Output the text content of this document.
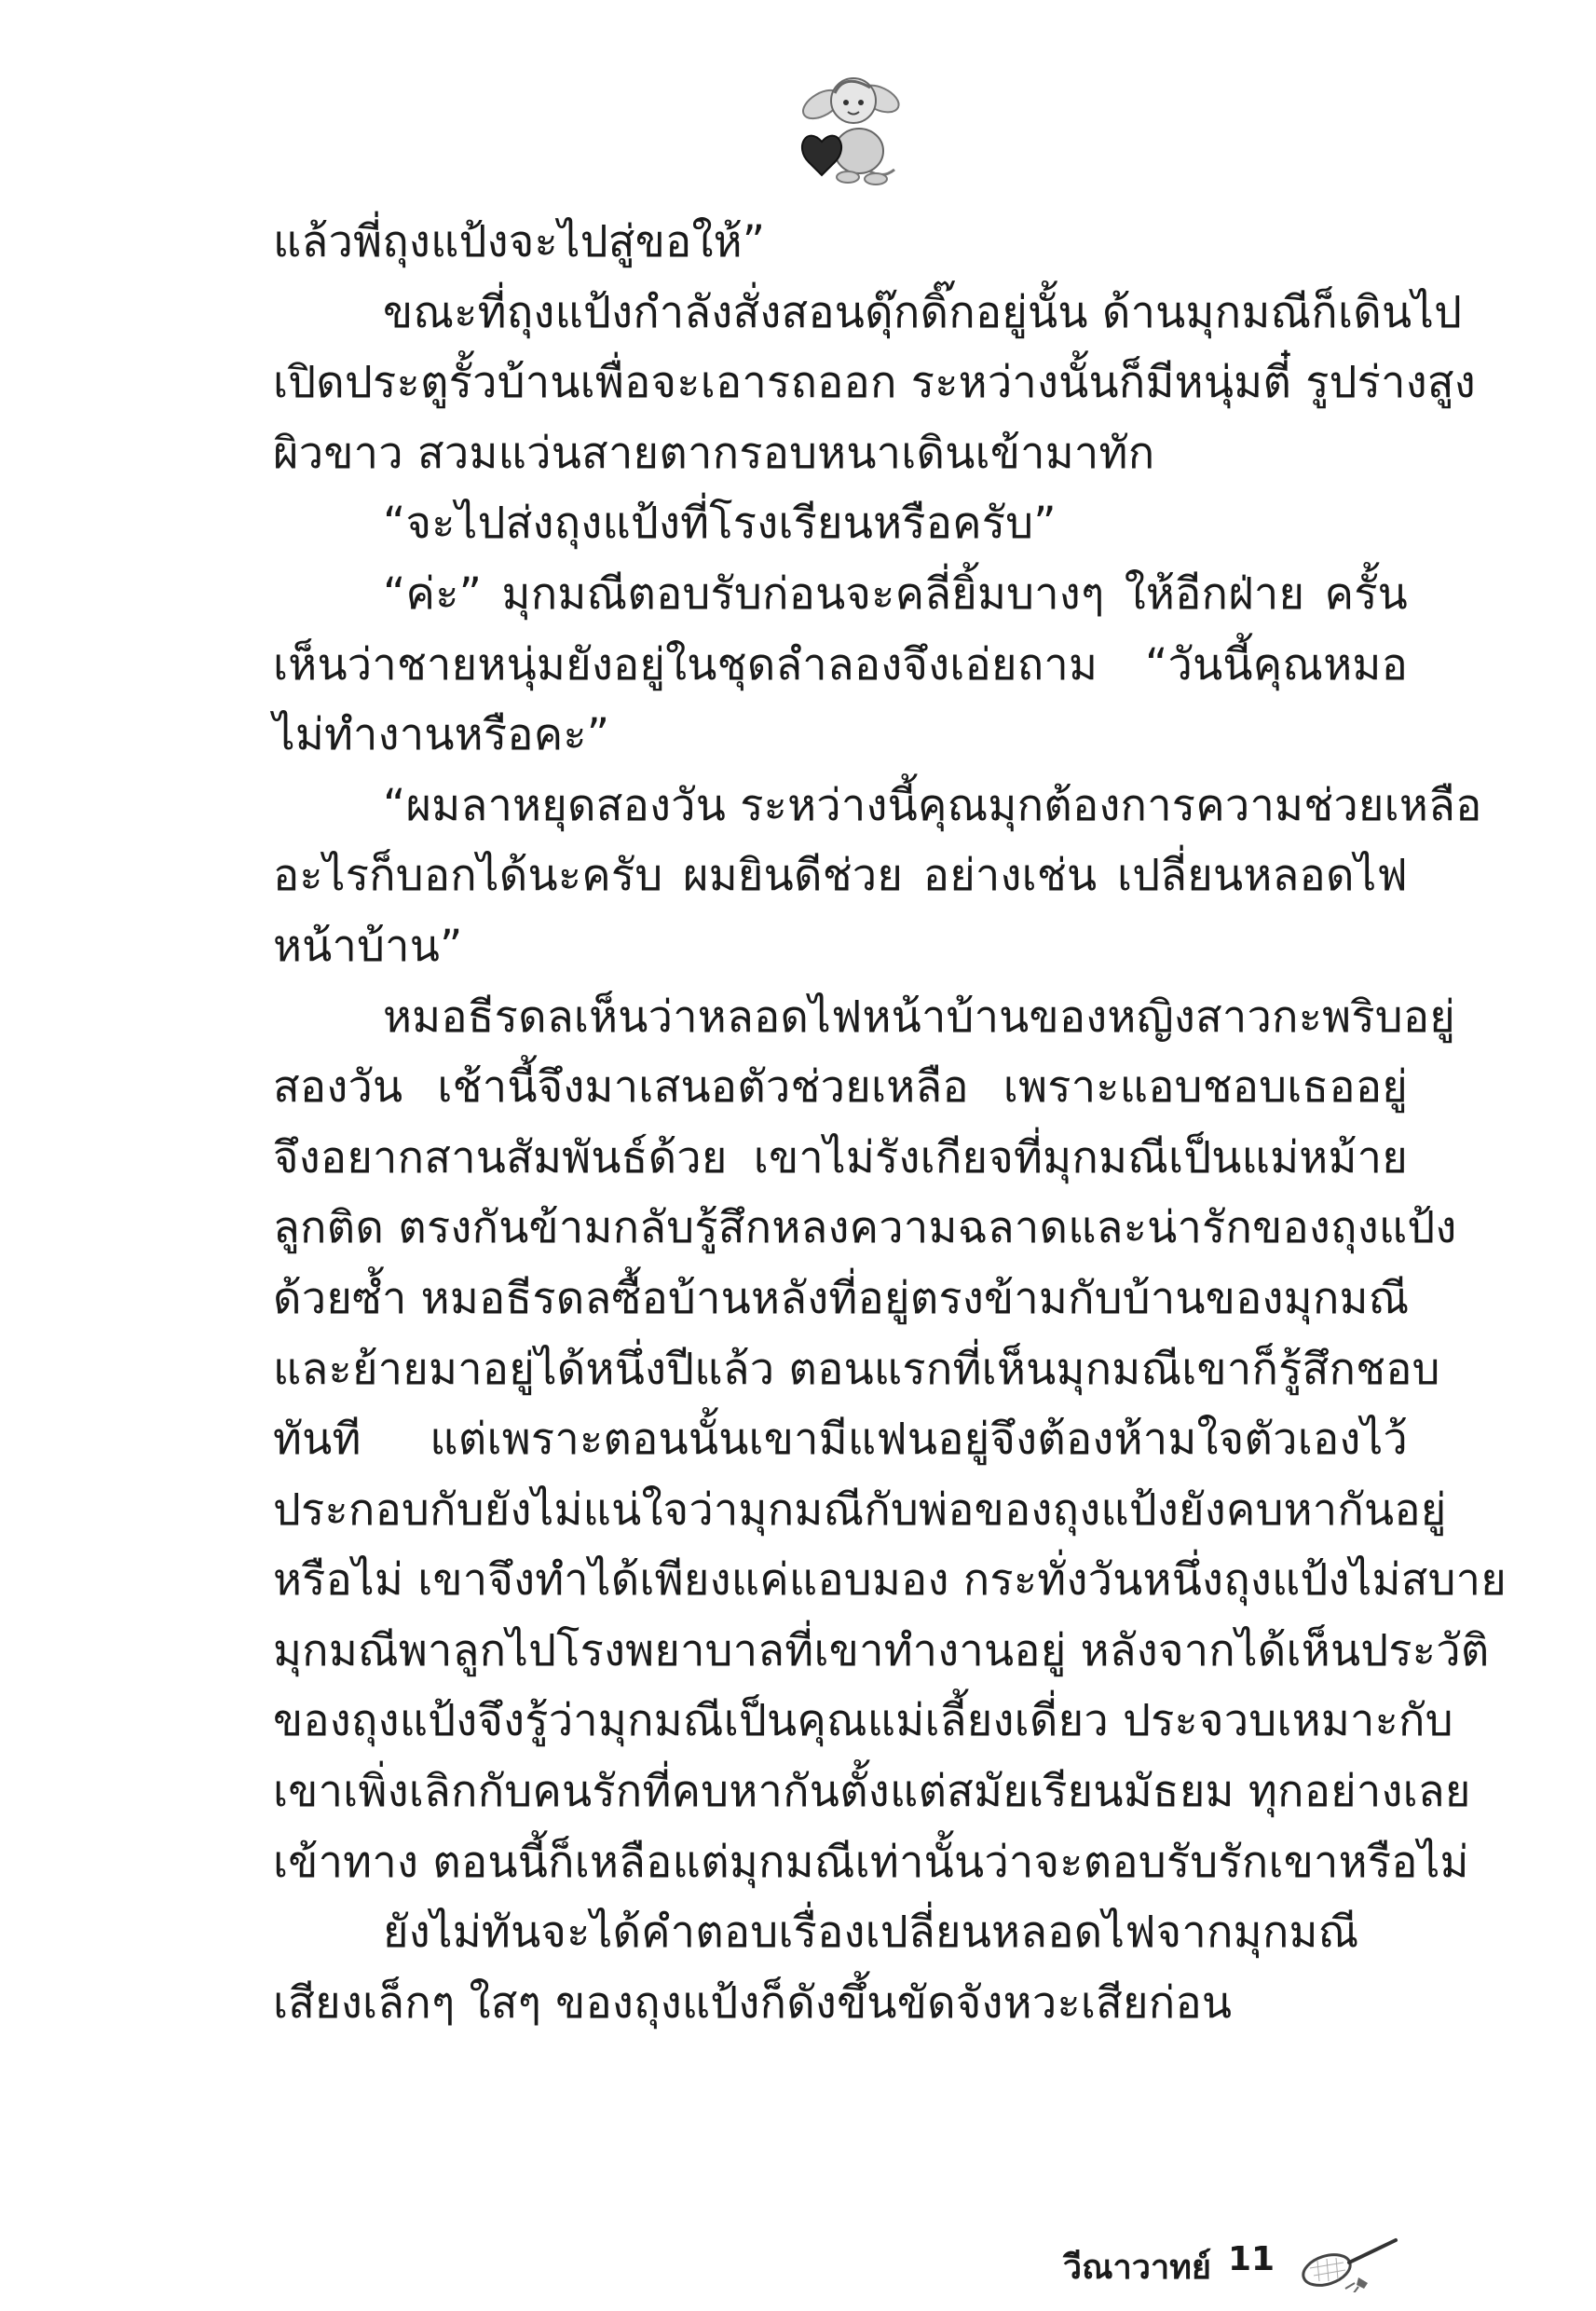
แล้วพี่ถุงแป้งจะไปสู่ขอให้”

ขณะที่ถุงแป้งกำลังสั่งสอนดุ๊กดิ๊กอยู่นั้น ด้านมุกมณีก็เดินไป

เปิดประตูรั้วบ้านเพื่อจะเอารถออก ระหว่างนั้นก็มีหนุ่มตี๋ รูปร่างสูง

ผิวขาว สวมแว่นสายตากรอบหนาเดินเข้ามาทัก

“จะไปส่งถุงแป้งที่โรงเรียนหรือครับ”

“ค่ะ” มุกมณีตอบรับก่อนจะคลี่ยิ้มบางๆ ให้อีกฝ่าย ครั้น

เห็นว่าชายหนุ่มยังอยู่ในชุดลำลองจึงเอ่ยถาม “วันนี้คุณหมอ

ไม่ทำงานหรือคะ”

“ผมลาหยุดสองวัน ระหว่างนี้คุณมุกต้องการความช่วยเหลือ

อะไรก็บอกได้นะครับ ผมยินดีช่วย อย่างเช่น เปลี่ยนหลอดไฟ

หน้าบ้าน”

หมอธีรดลเห็นว่าหลอดไฟหน้าบ้านของหญิงสาวกะพริบอยู่

สองวัน เช้านี้จึงมาเสนอตัวช่วยเหลือ เพราะแอบชอบเธออยู่

จึงอยากสานสัมพันธ์ด้วย เขาไม่รังเกียจที่มุกมณีเป็นแม่หม้าย

ลูกติด ตรงกันข้ามกลับรู้สึกหลงความฉลาดและน่ารักของถุงแป้ง

ด้วยซ้ำ หมอธีรดลซื้อบ้านหลังที่อยู่ตรงข้ามกับบ้านของมุกมณี

และย้ายมาอยู่ได้หนึ่งปีแล้ว ตอนแรกที่เห็นมุกมณีเขาก็รู้สึกชอบ

ทันที แต่เพราะตอนนั้นเขามีแฟนอยู่จึงต้องห้ามใจตัวเองไว้

ประกอบกับยังไม่แน่ใจว่ามุกมณีกับพ่อของถุงแป้งยังคบหากันอยู่

หรือไม่ เขาจึงทำได้เพียงแค่แอบมอง กระทั่งวันหนึ่งถุงแป้งไม่สบาย

มุกมณีพาลูกไปโรงพยาบาลที่เขาทำงานอยู่ หลังจากได้เห็นประวัติ

ของถุงแป้งจึงรู้ว่ามุกมณีเป็นคุณแม่เลี้ยงเดี่ยว ประจวบเหมาะกับ

เขาเพิ่งเลิกกับคนรักที่คบหากันตั้งแต่สมัยเรียนมัธยม ทุกอย่างเลย

เข้าทาง ตอนนี้ก็เหลือแต่มุกมณีเท่านั้นว่าจะตอบรับรักเขาหรือไม่

ยังไม่ทันจะได้คำตอบเรื่องเปลี่ยนหลอดไฟจากมุกมณี

เสียงเล็กๆ ใสๆ ของถุงแป้งก็ดังขึ้นขัดจังหวะเสียก่อน

วีณาวาทย์ 11
